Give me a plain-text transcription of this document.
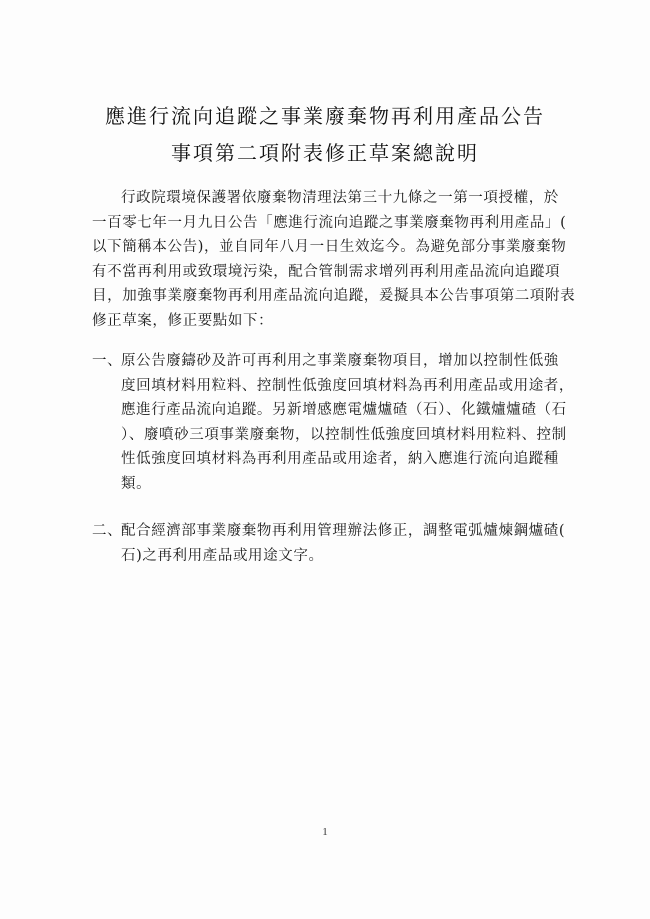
應進行流向追蹤之事業廢棄物再利用產品公告
事項第二項附表修正草案總說明
行政院環境保護署依廢棄物清理法第三十九條之一第一項授權，於
一百零七年一月九日公告「應進行流向追蹤之事業廢棄物再利用產品」(
以下簡稱本公告)，並自同年八月一日生效迄今。為避免部分事業廢棄物
有不當再利用或致環境污染，配合管制需求增列再利用產品流向追蹤項
目，加強事業廢棄物再利用產品流向追蹤，爰擬具本公告事項第二項附表
修正草案，修正要點如下：
一、
原公告廢鑄砂及許可再利用之事業廢棄物項目，增加以控制性低強
度回填材料用粒料、控制性低強度回填材料為再利用產品或用途者，
應進行產品流向追蹤。另新增感應電爐爐碴（石）、化鐵爐爐碴（石
）、廢噴砂三項事業廢棄物，以控制性低強度回填材料用粒料、控制
性低強度回填材料為再利用產品或用途者，納入應進行流向追蹤種
類。
二、
配合經濟部事業廢棄物再利用管理辦法修正，調整電弧爐煉鋼爐碴(
石)之再利用產品或用途文字。
1
